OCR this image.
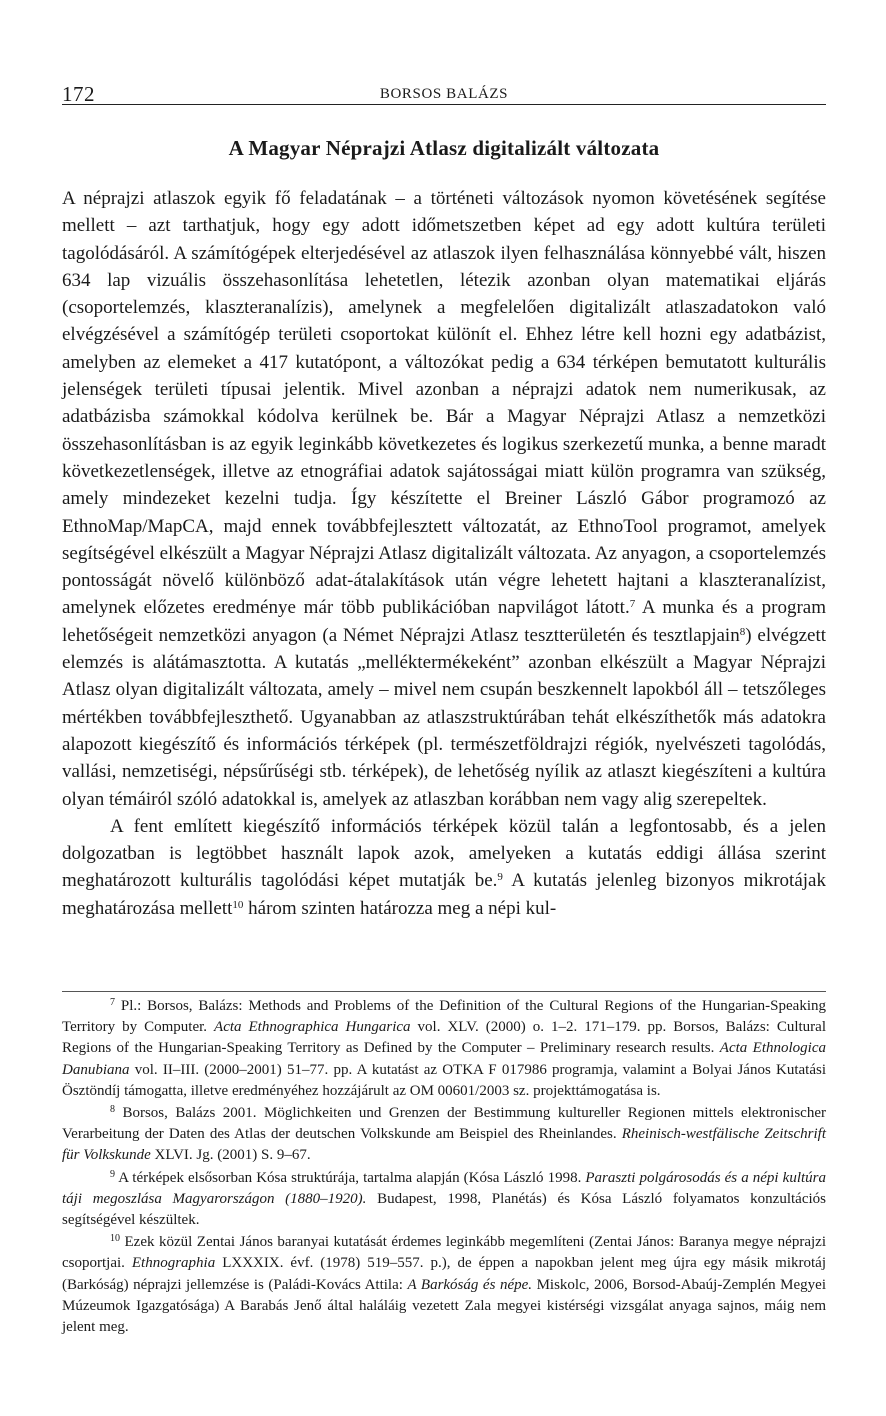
172	BORSOS BALÁZS
A Magyar Néprajzi Atlasz digitalizált változata

A néprajzi atlaszok egyik fő feladatának – a történeti változások nyomon követésének segítése mellett – azt tarthatjuk, hogy egy adott időmetszetben képet ad egy adott kultúra területi tagolódásáról. A számítógépek elterjedésével az atlaszok ilyen felhasználása könnyebbé vált, hiszen 634 lap vizuális összehasonlítása lehetetlen, létezik azonban olyan matematikai eljárás (csoportelemzés, klaszteranalízis), amelynek a megfelelően digitalizált atlaszadatokon való elvégzésével a számítógép területi csoportokat különít el. Ehhez létre kell hozni egy adatbázist, amelyben az elemeket a 417 kutatópont, a változókat pedig a 634 térképen bemutatott kulturális jelenségek területi típusai jelentik. Mivel azonban a néprajzi adatok nem numerikusak, az adatbázisba számokkal kódolva kerülnek be. Bár a Magyar Néprajzi Atlasz a nemzetközi összehasonlításban is az egyik leginkább következetes és logikus szerkezetű munka, a benne maradt következetlenségek, illetve az etnográfiai adatok sajátosságai miatt külön programra van szükség, amely mindezeket kezelni tudja. Így készítette el Breiner László Gábor programozó az EthnoMap/MapCA, majd ennek továbbfejlesztett változatát, az EthnoTool programot, amelyek segítségével elkészült a Magyar Néprajzi Atlasz digitalizált változata. Az anyagon, a csoportelemzés pontosságát növelő különböző adat-átalakítások után végre lehetett hajtani a klaszteranalízist, amelynek előzetes eredménye már több publikációban napvilágot látott.$^7$ A munka és a program lehetőségeit nemzetközi anyagon (a Német Néprajzi Atlasz tesztterületén és tesztlapjain$^8$) elvégzett elemzés is alátámasztotta. A kutatás „melléktermékeként” azonban elkészült a Magyar Néprajzi Atlasz olyan digitalizált változata, amely – mivel nem csupán beszkennelt lapokból áll – tetszőleges mértékben továbbfejleszthető. Ugyanabban az atlaszstruktúrában tehát elkészíthetők más adatokra alapozott kiegészítő és információs térképek (pl. természetföldrajzi régiók, nyelvészeti tagolódás, vallási, nemzetiségi, népsűrűségi stb. térképek), de lehetőség nyílik az atlaszt kiegészíteni a kultúra olyan témáiról szóló adatokkal is, amelyek az atlaszban korábban nem vagy alig szerepeltek.

A fent említett kiegészítő információs térképek közül talán a legfontosabb, és a jelen dolgozatban is legtöbbet használt lapok azok, amelyeken a kutatás eddigi állása szerint meghatározott kulturális tagolódási képet mutatják be.$^9$ A kutatás jelenleg bizonyos mikrotájak meghatározása mellett$^{10}$ három szinten határozza meg a népi kul-

$^7$ Pl.: Borsos, Balázs: Methods and Problems of the Definition of the Cultural Regions of the Hungarian-Speaking Territory by Computer. Acta Ethnographica Hungarica vol. XLV. (2000) o. 1–2. 171–179. pp. Borsos, Balázs: Cultural Regions of the Hungarian-Speaking Territory as Defined by the Computer – Preliminary research results. Acta Ethnologica Danubiana vol. II–III. (2000–2001) 51–77. pp. A kutatást az OTKA F 017986 programja, valamint a Bolyai János Kutatási Ösztöndíj támogatta, illetve eredményéhez hozzájárult az OM 00601/2003 sz. projekttámogatása is.

$^8$ Borsos, Balázs 2001. Möglichkeiten und Grenzen der Bestimmung kultureller Regionen mittels elektronischer Verarbeitung der Daten des Atlas der deutschen Volkskunde am Beispiel des Rheinlandes. Rheinisch-westfälische Zeitschrift für Volkskunde XLVI. Jg. (2001) S. 9–67.

$^9$ A térképek elsősorban Kósa struktúrája, tartalma alapján (Kósa László 1998. Paraszti polgárosodás és a népi kultúra táji megoszlása Magyarországon (1880–1920). Budapest, 1998, Planétás) és Kósa László folyamatos konzultációs segítségével készültek.

$^{10}$ Ezek közül Zentai János baranyai kutatását érdemes leginkább megemlíteni (Zentai János: Baranya megye néprajzi csoportjai. Ethnographia LXXXIX. évf. (1978) 519–557. p.), de éppen a napokban jelent meg újra egy másik mikrotáj (Barkóság) néprajzi jellemzése is (Paládi-Kovács Attila: A Barkóság és népe. Miskolc, 2006, Borsod-Abaúj-Zemplén Megyei Múzeumok Igazgatósága) A Barabás Jenő által haláláig vezetett Zala megyei kistérségi vizsgálat anyaga sajnos, máig nem jelent meg.
